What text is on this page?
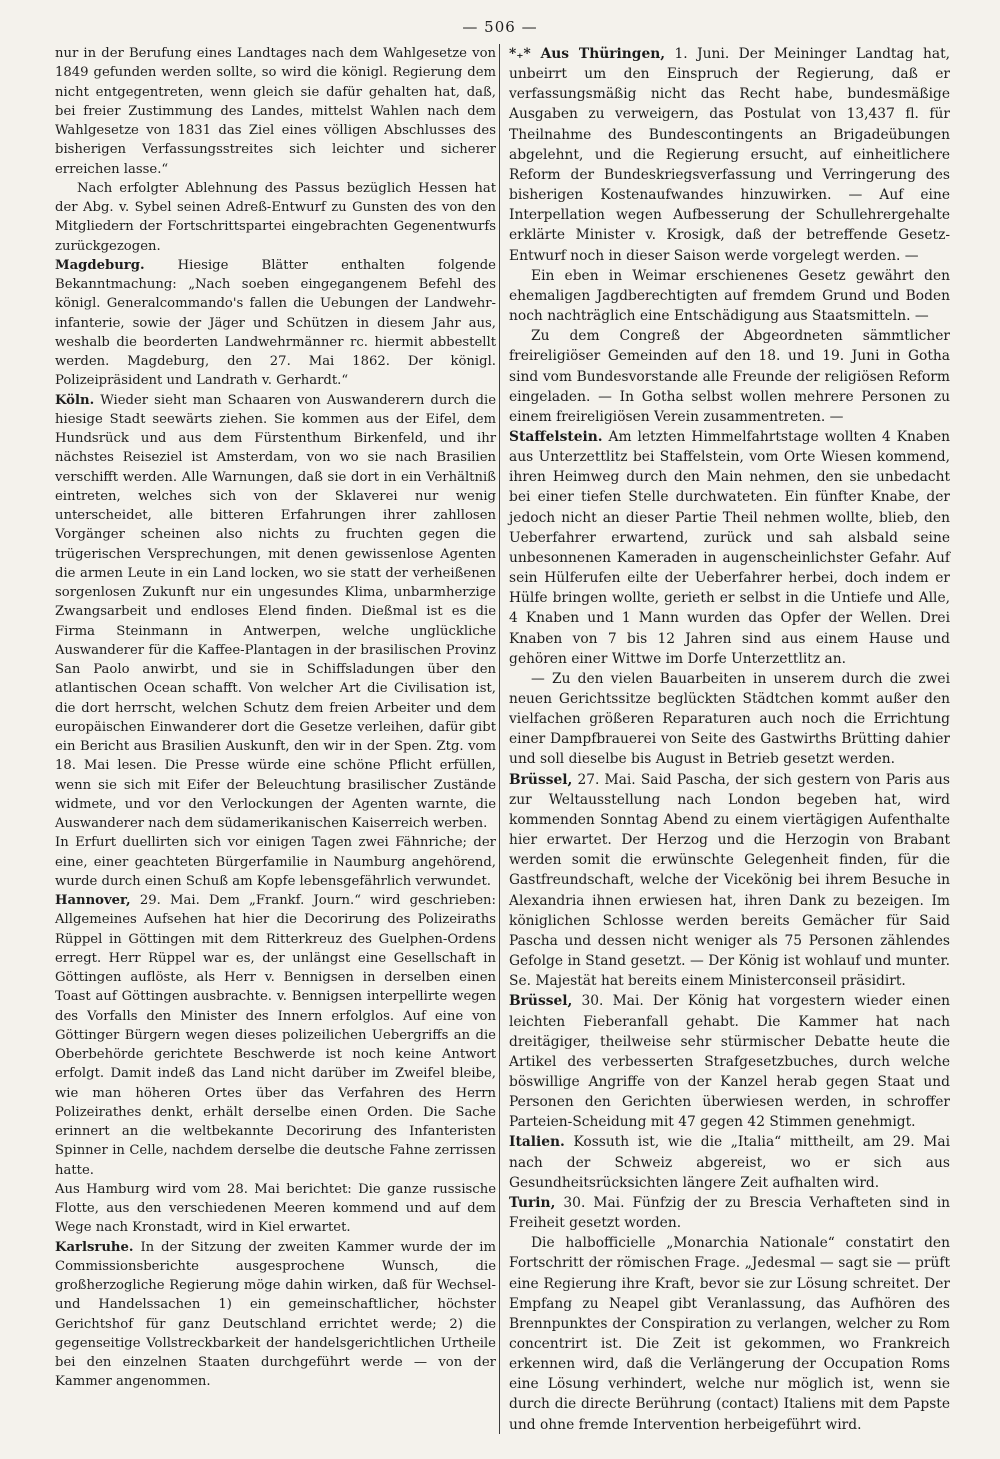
— 506 —

nur in der Berufung eines Landtages nach dem Wahlgesetze von 1849 gefunden werden sollte, so wird die königl. Regierung dem nicht entgegentreten, wenn gleich sie dafür gehalten hat, daß, bei freier Zustimmung des Landes, mittelst Wahlen nach dem Wahlgesetze von 1831 das Ziel eines völligen Abschlusses des bisherigen Verfassungsstreites sich leichter und sicherer erreichen lasse.“

Nach erfolgter Ablehnung des Passus bezüglich Hessen hat der Abg. v. Sybel seinen Adreß-Entwurf zu Gunsten des von den Mitgliedern der Fortschrittspartei eingebrachten Gegenentwurfs zurückgezogen.

Magdeburg.	Hiesige Blätter enthalten folgende Bekanntmachung: „Nach soeben eingegangenem Befehl des königl. Generalcommando's fallen die Uebungen der Landwehr-infanterie, sowie der Jäger und Schützen in diesem Jahr aus, weshalb die beorderten Landwehrmänner rc. hiermit abbestellt werden. Magdeburg, den 27. Mai 1862. Der königl. Polizeipräsident und Landrath v. Gerhardt.“

Köln. Wieder sieht man Schaaren von Auswanderern durch die hiesige Stadt seewärts ziehen. Sie kommen aus der Eifel, dem Hundsrück und aus dem Fürstenthum Birkenfeld, und ihr nächstes Reiseziel ist Amsterdam, von wo sie nach Brasilien verschifft werden. Alle Warnungen, daß sie dort in ein Verhältniß eintreten, welches sich von der Sklaverei nur wenig unterscheidet, alle bitteren Erfahrungen ihrer zahllosen Vorgänger scheinen also nichts zu fruchten gegen die trügerischen Versprechungen, mit denen gewissenlose Agenten die armen Leute in ein Land locken, wo sie statt der verheißenen sorgenlosen Zukunft nur ein ungesundes Klima, unbarmherzige Zwangsarbeit und endloses Elend finden. Dießmal ist es die Firma Steinmann in Antwerpen, welche unglückliche Auswanderer für die Kaffee-Plantagen in der brasilischen Provinz San Paolo anwirbt, und sie in Schiffsladungen über den atlantischen Ocean schafft. Von welcher Art die Civilisation ist, die dort herrscht, welchen Schutz dem freien Arbeiter und dem europäischen Einwanderer dort die Gesetze verleihen, dafür gibt ein Bericht aus Brasilien Auskunft, den wir in der Spen. Ztg. vom 18. Mai lesen. Die Presse würde eine schöne Pflicht erfüllen, wenn sie sich mit Eifer der Beleuchtung brasilischer Zustände widmete, und vor den Verlockungen der Agenten warnte, die Auswanderer nach dem südamerikanischen Kaiserreich werben.

In Erfurt duellirten sich vor einigen Tagen zwei Fähnriche; der eine, einer geachteten Bürgerfamilie in Naumburg angehörend, wurde durch einen Schuß am Kopfe lebensgefährlich verwundet.

Hannover, 29. Mai. Dem „Frankf. Journ.“ wird geschrieben: Allgemeines Aufsehen hat hier die Decorirung des Polizeiraths Rüppel in Göttingen mit dem Ritterkreuz des Guelphen-Ordens erregt. Herr Rüppel war es, der unlängst eine Gesellschaft in Göttingen auflöste, als Herr v. Bennigsen in derselben einen Toast auf Göttingen ausbrachte. v. Bennigsen interpellirte wegen des Vorfalls den Minister des Innern erfolglos. Auf eine von Göttinger Bürgern wegen dieses polizeilichen Uebergriffs an die Oberbehörde gerichtete Beschwerde ist noch keine Antwort erfolgt. Damit indeß das Land nicht darüber im Zweifel bleibe, wie man höheren Ortes über das Verfahren des Herrn Polizeirathes denkt, erhält derselbe einen Orden. Die Sache erinnert an die weltbekannte Decorirung des Infanteristen Spinner in Celle, nachdem derselbe die deutsche Fahne zerrissen hatte.

Aus Hamburg wird vom 28. Mai berichtet: Die ganze russische Flotte, aus den verschiedenen Meeren kommend und auf dem Wege nach Kronstadt, wird in Kiel erwartet.

Karlsruhe. In der Sitzung der zweiten Kammer wurde der im Commissionsberichte ausgesprochene Wunsch, die großherzogliche Regierung möge dahin wirken, daß für Wechsel- und Handelssachen 1) ein gemeinschaftlicher, höchster Gerichtshof für ganz Deutschland errichtet werde; 2) die gegenseitige Vollstreckbarkeit der handelsgerichtlichen Urtheile bei den einzelnen Staaten durchgeführt werde — von der Kammer angenommen.

*₊* Aus Thüringen, 1. Juni. Der Meininger Landtag hat, unbeirrt um den Einspruch der Regierung, daß er verfassungsmäßig nicht das Recht habe, bundesmäßige Ausgaben zu verweigern, das Postulat von 13,437 fl. für Theilnahme des Bundescontingents an Brigadeübungen abgelehnt, und die Regierung ersucht, auf einheitlichere Reform der Bundeskriegsverfassung und Verringerung des bisherigen Kostenaufwandes hinzuwirken. — Auf eine Interpellation wegen Aufbesserung der Schullehrergehalte erklärte Minister v. Krosigk, daß der betreffende Gesetz-Entwurf noch in dieser Saison werde vorgelegt werden. —

Ein eben in Weimar erschienenes Gesetz gewährt den ehemaligen Jagdberechtigten auf fremdem Grund und Boden noch nachträglich eine Entschädigung aus Staatsmitteln. —

Zu dem Congreß der Abgeordneten sämmtlicher freireligiöser Gemeinden auf den 18. und 19. Juni in Gotha sind vom Bundesvorstande alle Freunde der religiösen Reform eingeladen. — In Gotha selbst wollen mehrere Personen zu einem freireligiösen Verein zusammentreten. —

Staffelstein. Am letzten Himmelfahrtstage wollten 4 Knaben aus Unterzettlitz bei Staffelstein, vom Orte Wiesen kommend, ihren Heimweg durch den Main nehmen, den sie unbedacht bei einer tiefen Stelle durchwateten. Ein fünfter Knabe, der jedoch nicht an dieser Partie Theil nehmen wollte, blieb, den Ueberfahrer erwartend, zurück und sah alsbald seine unbesonnenen Kameraden in augenscheinlichster Gefahr. Auf sein Hülferufen eilte der Ueberfahrer herbei, doch indem er Hülfe bringen wollte, gerieth er selbst in die Untiefe und Alle, 4 Knaben und 1 Mann wurden das Opfer der Wellen. Drei Knaben von 7 bis 12 Jahren sind aus einem Hause und gehören einer Wittwe im Dorfe Unterzettlitz an.

— Zu den vielen Bauarbeiten in unserem durch die zwei neuen Gerichtssitze beglückten Städtchen kommt außer den vielfachen größeren Reparaturen auch noch die Errichtung einer Dampfbrauerei von Seite des Gastwirths Brütting dahier und soll dieselbe bis August in Betrieb gesetzt werden.

Brüssel, 27. Mai. Said Pascha, der sich gestern von Paris aus zur Weltausstellung nach London begeben hat, wird kommenden Sonntag Abend zu einem viertägigen Aufenthalte hier erwartet. Der Herzog und die Herzogin von Brabant werden somit die erwünschte Gelegenheit finden, für die Gastfreundschaft, welche der Vicekönig bei ihrem Besuche in Alexandria ihnen erwiesen hat, ihren Dank zu bezeigen. Im königlichen Schlosse werden bereits Gemächer für Said Pascha und dessen nicht weniger als 75 Personen zählendes Gefolge in Stand gesetzt. — Der König ist wohlauf und munter. Se. Majestät hat bereits einem Ministerconseil präsidirt.

Brüssel, 30. Mai. Der König hat vorgestern wieder einen leichten Fieberanfall gehabt. Die Kammer hat nach dreitägiger, theilweise sehr stürmischer Debatte heute die Artikel des verbesserten Strafgesetzbuches, durch welche böswillige Angriffe von der Kanzel herab gegen Staat und Personen den Gerichten überwiesen werden, in schroffer Parteien-Scheidung mit 47 gegen 42 Stimmen genehmigt.

Italien. Kossuth ist, wie die „Italia“ mittheilt, am 29. Mai nach der Schweiz abgereist, wo er sich aus Gesundheitsrücksichten längere Zeit aufhalten wird.

Turin, 30. Mai. Fünfzig der zu Brescia Verhafteten sind in Freiheit gesetzt worden.

Die halbofficielle „Monarchia Nationale“ constatirt den Fortschritt der römischen Frage. „Jedesmal — sagt sie — prüft eine Regierung ihre Kraft, bevor sie zur Lösung schreitet. Der Empfang zu Neapel gibt Veranlassung, das Aufhören des Brennpunktes der Conspiration zu verlangen, welcher zu Rom concentrirt ist. Die Zeit ist gekommen, wo Frankreich erkennen wird, daß die Verlängerung der Occupation Roms eine Lösung verhindert, welche nur möglich ist, wenn sie durch die directe Berührung (contact) Italiens mit dem Papste und ohne fremde Intervention herbeigeführt wird.
